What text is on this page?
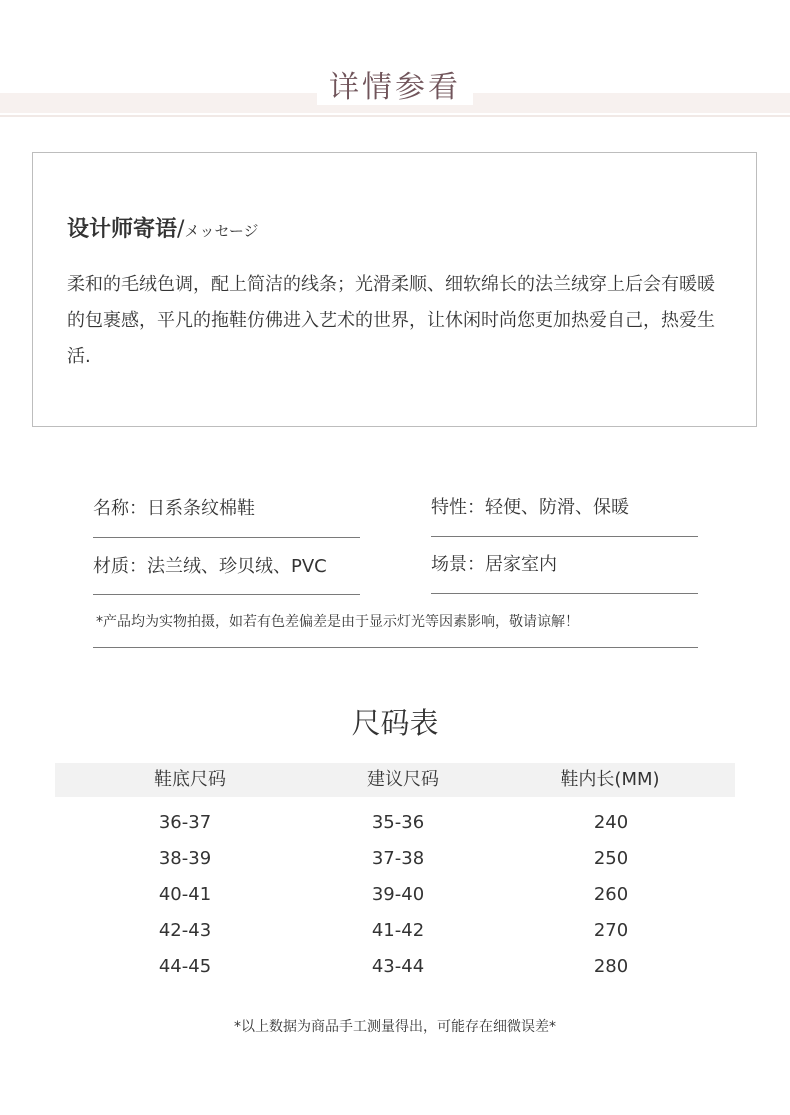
详情参看
设计师寄语/メッセージ
柔和的毛绒色调，配上简洁的线条；光滑柔顺、细软绵长的法兰绒穿上后会有暖暖的包裹感，平凡的拖鞋仿佛进入艺术的世界，让休闲时尚您更加热爱自己，热爱生活.
名称：日系条纹棉鞋	特性：轻便、防滑、保暖
材质：法兰绒、珍贝绒、PVC	场景：居家室内
*产品均为实物拍摄，如若有色差偏差是由于显示灯光等因素影响，敬请谅解！
尺码表
鞋底尺码	建议尺码	鞋内长(MM)
36-37	35-36	240
38-39	37-38	250
40-41	39-40	260
42-43	41-42	270
44-45	43-44	280
*以上数据为商品手工测量得出，可能存在细微误差*
